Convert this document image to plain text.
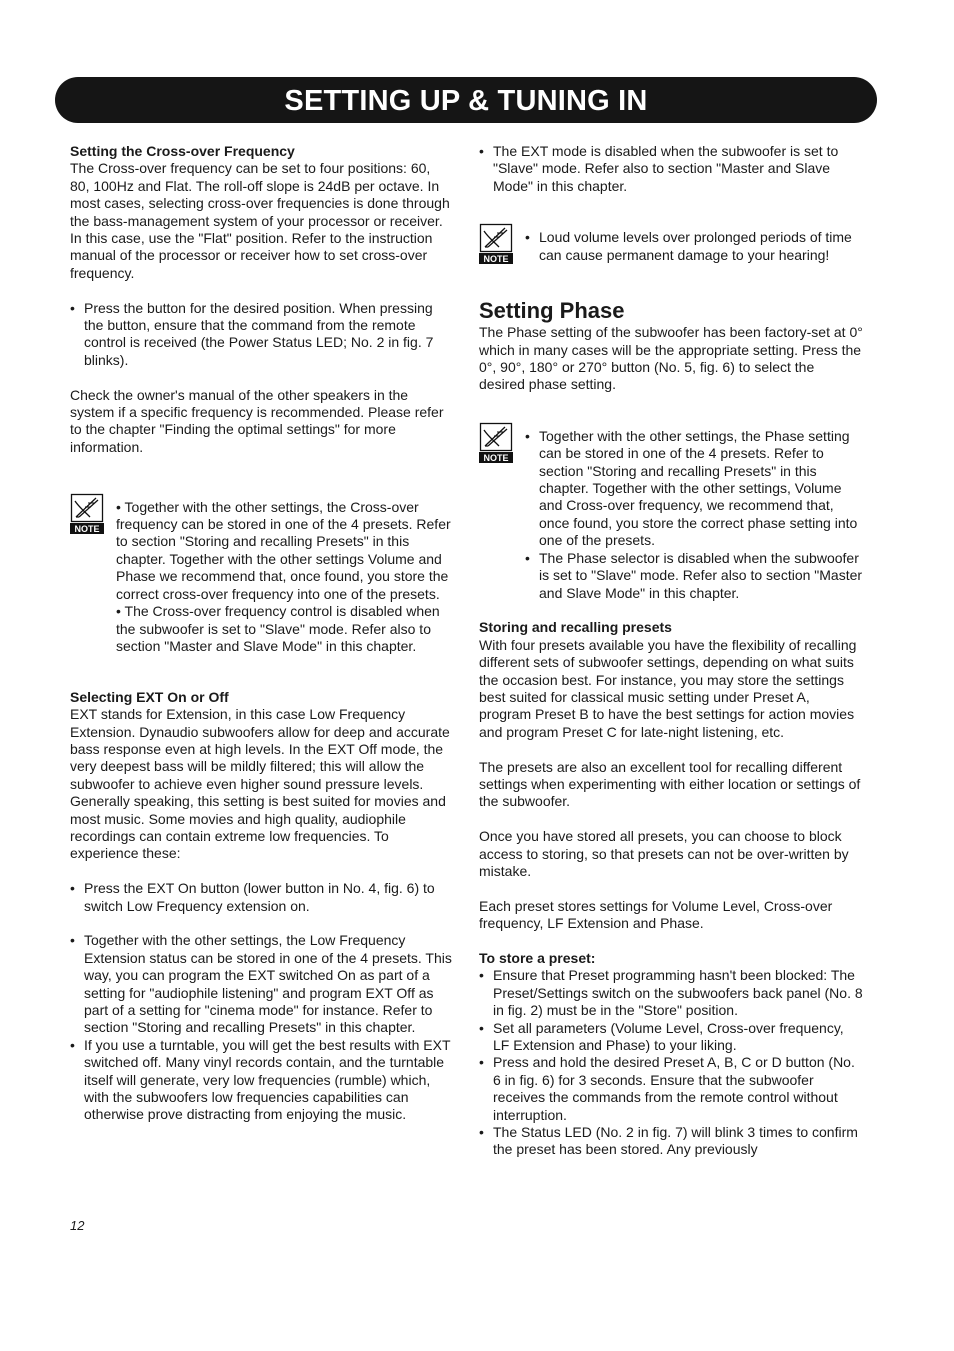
SETTING UP & TUNING IN

Setting the Cross-over Frequency

The Cross-over frequency can be set to four positions: 60, 80, 100Hz and Flat. The roll-off slope is 24dB per octave. In most cases, selecting cross-over frequencies is done through the bass-management system of your processor or receiver. In this case, use the "Flat" position. Refer to the instruction manual of the processor or receiver how to set cross-over frequency.

• Press the button for the desired position. When pressing the button, ensure that the command from the remote control is received (the Power Status LED; No. 2 in fig. 7 blinks).

Check the owner's manual of the other speakers in the system if a specific frequency is recommended. Please refer to the chapter "Finding the optimal settings" for more information.

NOTE

• Together with the other settings, the Cross-over frequency can be stored in one of the 4 presets. Refer to section "Storing and recalling Presets" in this chapter. Together with the other settings Volume and Phase we recommend that, once found, you store the correct cross-over frequency into one of the presets.

• The Cross-over frequency control is disabled when the subwoofer is set to "Slave" mode. Refer also to section "Master and Slave Mode" in this chapter.

Selecting EXT On or Off

EXT stands for Extension, in this case Low Frequency Extension. Dynaudio subwoofers allow for deep and accurate bass response even at high levels. In the EXT Off mode, the very deepest bass will be mildly filtered; this will allow the subwoofer to achieve even higher sound pressure levels. Generally speaking, this setting is best suited for movies and most music. Some movies and high quality, audiophile recordings can contain extreme low frequencies. To experience these:

• Press the EXT On button (lower button in No. 4, fig. 6) to switch Low Frequency extension on.

• Together with the other settings, the Low Frequency Extension status can be stored in one of the 4 presets. This way, you can program the EXT switched On as part of a setting for "audiophile listening" and program EXT Off as part of a setting for "cinema mode" for instance. Refer to section "Storing and recalling Presets" in this chapter.

• If you use a turntable, you will get the best results with EXT switched off. Many vinyl records contain, and the turntable itself will generate, very low frequencies (rumble) which, with the subwoofers low frequencies capabilities can otherwise prove distracting from enjoying the music.

• The EXT mode is disabled when the subwoofer is set to "Slave" mode. Refer also to section "Master and Slave Mode" in this chapter.

NOTE

• Loud volume levels over prolonged periods of time can cause permanent damage to your hearing!

Setting Phase

The Phase setting of the subwoofer has been factory-set at 0° which in many cases will be the appropriate setting. Press the 0°, 90°, 180° or 270° button (No. 5, fig. 6) to select the desired phase setting.

NOTE

• Together with the other settings, the Phase setting can be stored in one of the 4 presets. Refer to section "Storing and recalling Presets" in this chapter. Together with the other settings, Volume and Cross-over frequency, we recommend that, once found, you store the correct phase setting into one of the presets.

• The Phase selector is disabled when the subwoofer is set to "Slave" mode. Refer also to section "Master and Slave Mode" in this chapter.

Storing and recalling presets

With four presets available you have the flexibility of recalling different sets of subwoofer settings, depending on what suits the occasion best. For instance, you may store the settings best suited for classical music setting under Preset A, program Preset B to have the best settings for action movies and program Preset C for late-night listening, etc.

The presets are also an excellent tool for recalling different settings when experimenting with either location or settings of the subwoofer.

Once you have stored all presets, you can choose to block access to storing, so that presets can not be over-written by mistake.

Each preset stores settings for Volume Level, Cross-over frequency, LF Extension and Phase.

To store a preset:

• Ensure that Preset programming hasn't been blocked: The Preset/Settings switch on the subwoofers back panel (No. 8 in fig. 2) must be in the "Store" position.

• Set all parameters (Volume Level, Cross-over frequency, LF Extension and Phase) to your liking.

• Press and hold the desired Preset A, B, C or D button (No. 6 in fig. 6) for 3 seconds. Ensure that the subwoofer receives the commands from the remote control without interruption.

• The Status LED (No. 2 in fig. 7) will blink 3 times to confirm the preset has been stored. Any previously

12
